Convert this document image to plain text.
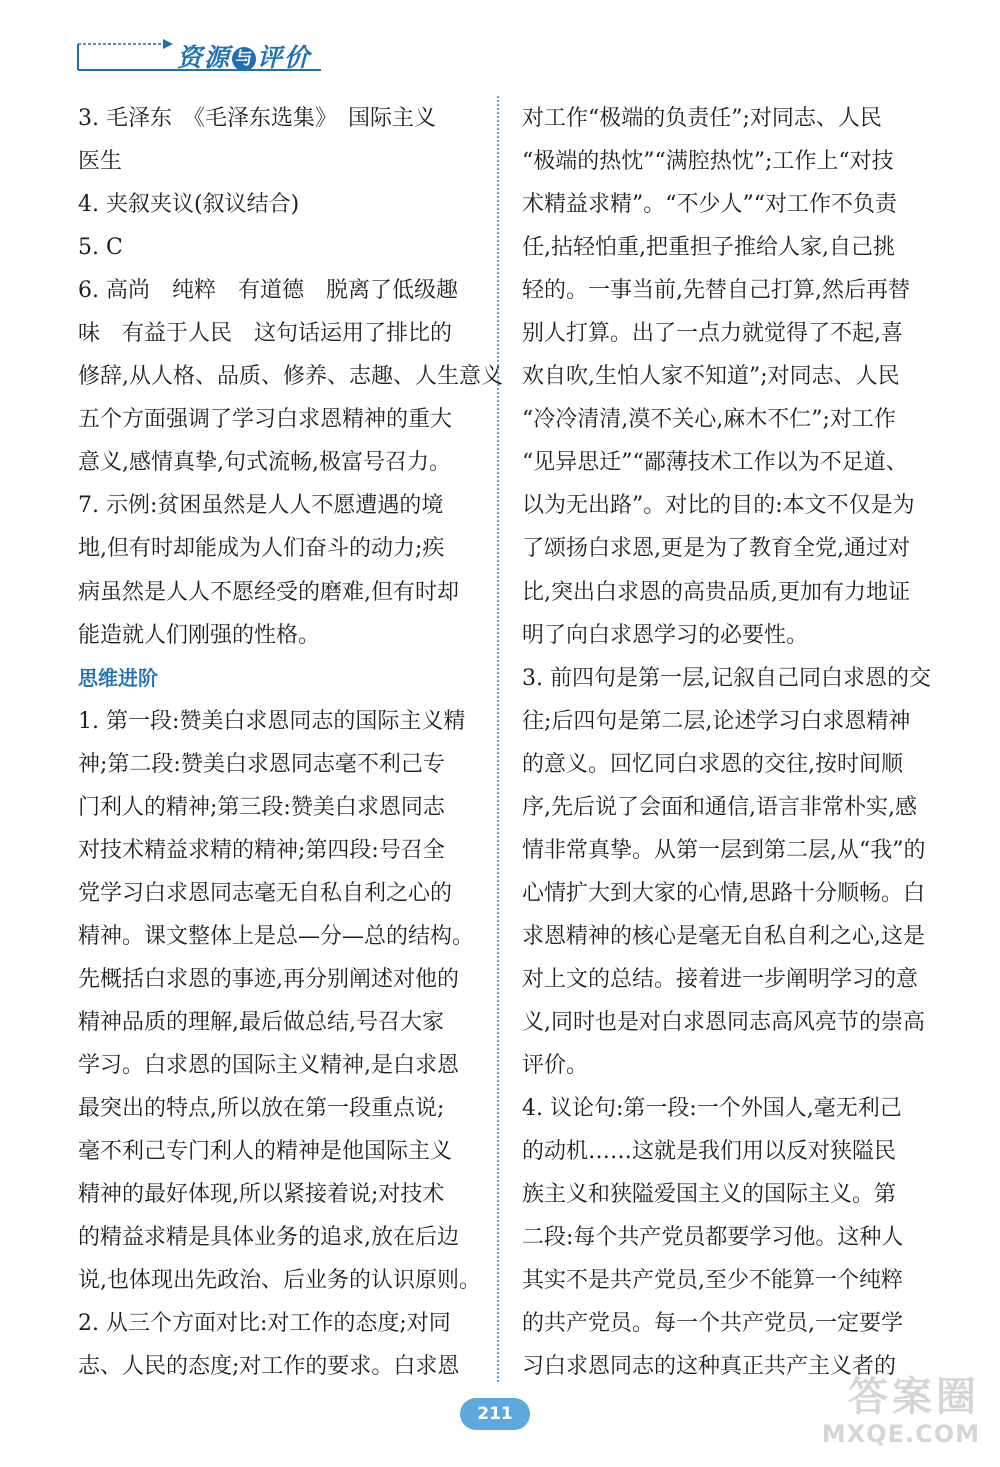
资源 与 评价
3. 毛泽东　《毛泽东选集》　国际主义
医生
4. 夹叙夹议(叙议结合)
5. C
6. 高尚　纯粹　有道德　脱离了低级趣
味　有益于人民　这句话运用了排比的
修辞,从人格、品质、修养、志趣、人生意义
五个方面强调了学习白求恩精神的重大
意义,感情真挚,句式流畅,极富号召力。
7. 示例:贫困虽然是人人不愿遭遇的境
地,但有时却能成为人们奋斗的动力;疾
病虽然是人人不愿经受的磨难,但有时却
能造就人们刚强的性格。
思维进阶
1. 第一段:赞美白求恩同志的国际主义精
神;第二段:赞美白求恩同志毫不利己专
门利人的精神;第三段:赞美白求恩同志
对技术精益求精的精神;第四段:号召全
党学习白求恩同志毫无自私自利之心的
精神。课文整体上是总—分—总的结构。
先概括白求恩的事迹,再分别阐述对他的
精神品质的理解,最后做总结,号召大家
学习。白求恩的国际主义精神,是白求恩
最突出的特点,所以放在第一段重点说;
毫不利己专门利人的精神是他国际主义
精神的最好体现,所以紧接着说;对技术
的精益求精是具体业务的追求,放在后边
说,也体现出先政治、后业务的认识原则。
2. 从三个方面对比:对工作的态度;对同
志、人民的态度;对工作的要求。白求恩
对工作“极端的负责任”;对同志、人民
“极端的热忱”“满腔热忱”;工作上“对技
术精益求精”。“不少人”“对工作不负责
任,拈轻怕重,把重担子推给人家,自己挑
轻的。一事当前,先替自己打算,然后再替
别人打算。出了一点力就觉得了不起,喜
欢自吹,生怕人家不知道”;对同志、人民
“冷冷清清,漠不关心,麻木不仁”;对工作
“见异思迁”“鄙薄技术工作以为不足道、
以为无出路”。对比的目的:本文不仅是为
了颂扬白求恩,更是为了教育全党,通过对
比,突出白求恩的高贵品质,更加有力地证
明了向白求恩学习的必要性。
3. 前四句是第一层,记叙自己同白求恩的交
往;后四句是第二层,论述学习白求恩精神
的意义。回忆同白求恩的交往,按时间顺
序,先后说了会面和通信,语言非常朴实,感
情非常真挚。从第一层到第二层,从“我”的
心情扩大到大家的心情,思路十分顺畅。白
求恩精神的核心是毫无自私自利之心,这是
对上文的总结。接着进一步阐明学习的意
义,同时也是对白求恩同志高风亮节的崇高
评价。
4. 议论句:第一段:一个外国人,毫无利己
的动机……这就是我们用以反对狭隘民
族主义和狭隘爱国主义的国际主义。第
二段:每个共产党员都要学习他。这种人
其实不是共产党员,至少不能算一个纯粹
的共产党员。每一个共产党员,一定要学
习白求恩同志的这种真正共产主义者的
211	答案圈
MXQE.COM
